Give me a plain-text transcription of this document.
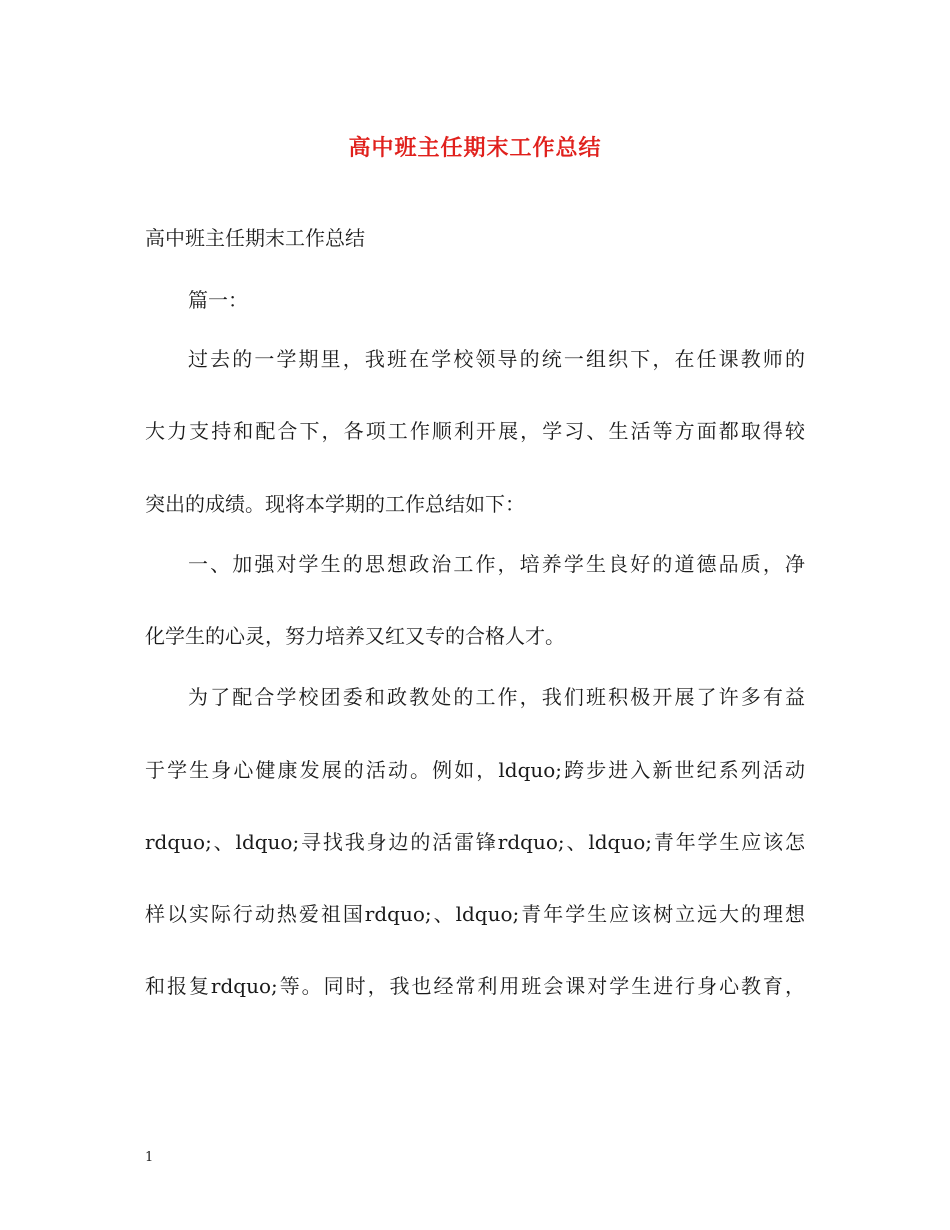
高中班主任期末工作总结
高中班主任期末工作总结
篇一：
过去的一学期里，我班在学校领导的统一组织下，在任课教师的
大力支持和配合下，各项工作顺利开展，学习、生活等方面都取得较
突出的成绩。现将本学期的工作总结如下：
一、加强对学生的思想政治工作，培养学生良好的道德品质，净
化学生的心灵，努力培养又红又专的合格人才。
为了配合学校团委和政教处的工作，我们班积极开展了许多有益
于学生身心健康发展的活动。例如，ldquo;跨步进入新世纪系列活动
rdquo;、ldquo;寻找我身边的活雷锋rdquo;、ldquo;青年学生应该怎
样以实际行动热爱祖国rdquo;、ldquo;青年学生应该树立远大的理想
和报复rdquo;等。同时，我也经常利用班会课对学生进行身心教育，
1
